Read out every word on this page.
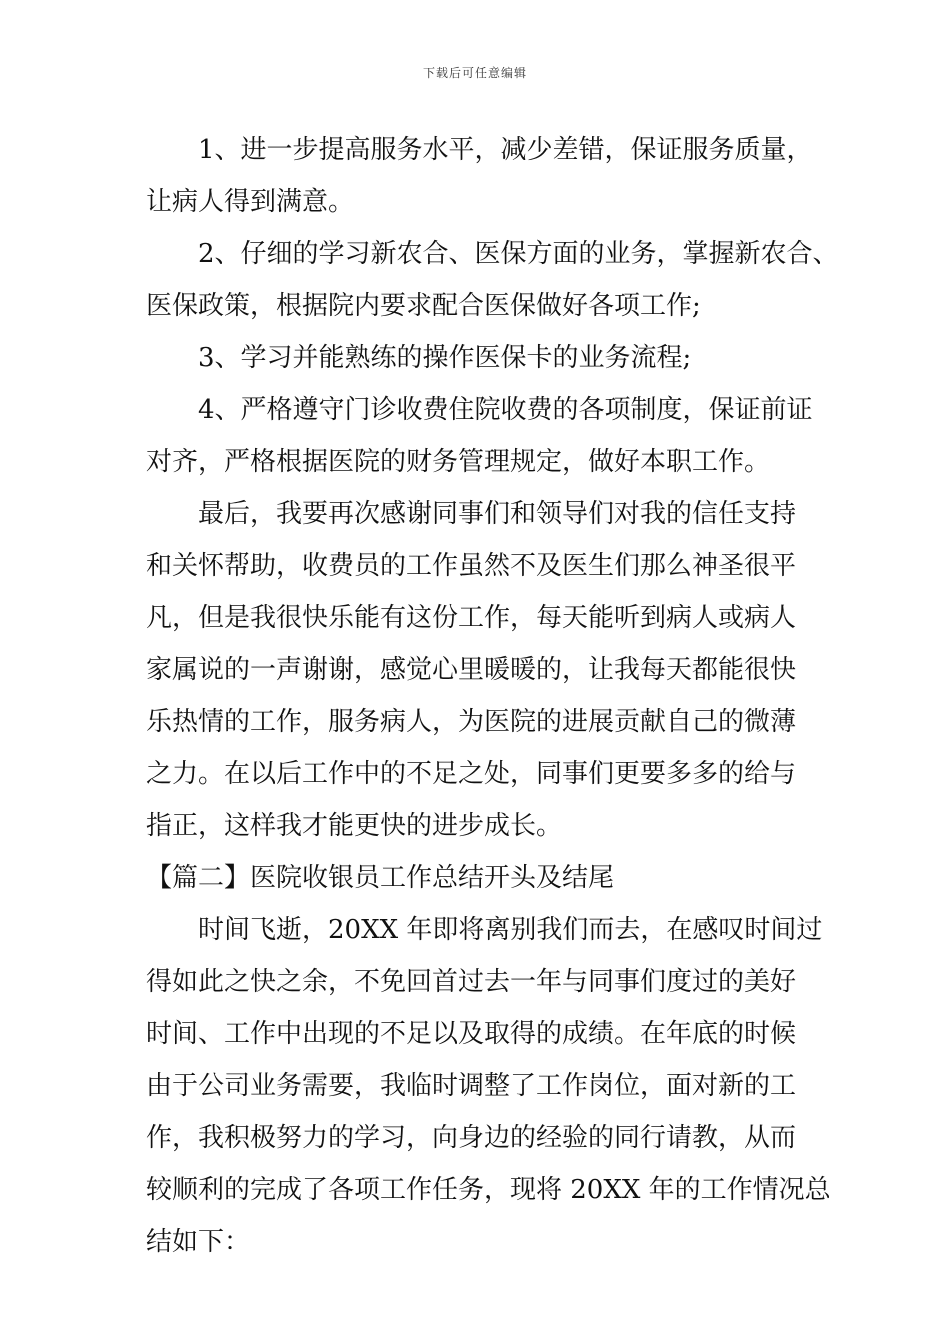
下载后可任意编辑
1、进一步提高服务水平，减少差错，保证服务质量，
让病人得到满意。
2、仔细的学习新农合、医保方面的业务，掌握新农合、
医保政策，根据院内要求配合医保做好各项工作;
3、学习并能熟练的操作医保卡的业务流程;
4、严格遵守门诊收费住院收费的各项制度，保证前证
对齐，严格根据医院的财务管理规定，做好本职工作。
最后，我要再次感谢同事们和领导们对我的信任支持
和关怀帮助，收费员的工作虽然不及医生们那么神圣很平
凡，但是我很快乐能有这份工作，每天能听到病人或病人
家属说的一声谢谢，感觉心里暖暖的，让我每天都能很快
乐热情的工作，服务病人，为医院的进展贡献自己的微薄
之力。在以后工作中的不足之处，同事们更要多多的给与
指正，这样我才能更快的进步成长。
【篇二】医院收银员工作总结开头及结尾
时间飞逝，20XX 年即将离别我们而去，在感叹时间过
得如此之快之余，不免回首过去一年与同事们度过的美好
时间、工作中出现的不足以及取得的成绩。在年底的时候
由于公司业务需要，我临时调整了工作岗位，面对新的工
作，我积极努力的学习，向身边的经验的同行请教，从而
较顺利的完成了各项工作任务，现将 20XX 年的工作情况总
结如下：
